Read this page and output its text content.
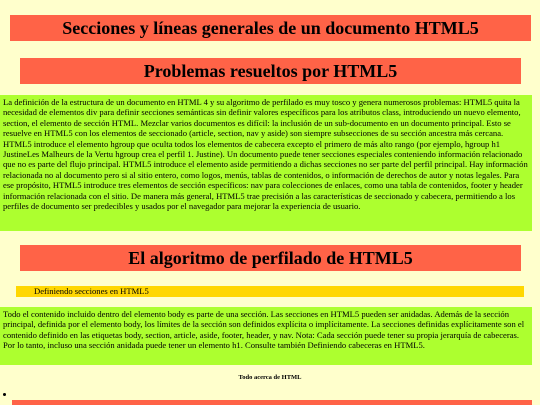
Secciones y líneas generales de un documento HTML5
Problemas resueltos por HTML5
La definición de la estructura de un documento en HTML 4 y su algoritmo de perfilado es muy tosco y genera numerosos problemas: HTML5 quita la necesidad de elementos div para definir secciones semánticas sin definir valores específicos para los atributos class, introduciendo un nuevo elemento, section, el elemento de sección HTML. Mezclar varios documentos es difícil: la inclusión de un sub-documento en un documento principal. Esto se resuelve en HTML5 con los elementos de seccionado (article, section, nav y aside) son siempre subsecciones de su sección ancestra más cercana. HTML5 introduce el elemento hgroup que oculta todos los elementos de cabecera excepto el primero de más alto rango (por ejemplo, hgroup h1 JustineLes Malheurs de la Vertu hgroup crea el perfil 1. Justine). Un documento puede tener secciones especiales conteniendo información relacionado que no es parte del flujo principal. HTML5 introduce el elemento aside permitiendo a dichas secciones no ser parte del perfil principal. Hay información relacionada no al documento pero si al sitio entero, como logos, menús, tablas de contenidos, o información de derechos de autor y notas legales. Para ese propósito, HTML5 introduce tres elementos de sección específicos: nav para colecciones de enlaces, como una tabla de contenidos, footer y header información relacionada con el sitio. De manera más general, HTML5 trae precisión a las características de seccionado y cabecera, permitiendo a los perfiles de documento ser predecibles y usados por el navegador para mejorar la experiencia de usuario.
El algoritmo de perfilado de HTML5
Definiendo secciones en HTML5
Todo el contenido incluido dentro del elemento body es parte de una sección. Las secciones en HTML5 pueden ser anidadas. Además de la sección principal, definida por el elemento body, los límites de la sección son definidos explícita o implícitamente. La secciones definidas explícitamente son el contenido definido en las etiquetas body, section, article, aside, footer, header, y nav. Nota: Cada sección puede tener su propia jerarquía de cabeceras. Por lo tanto, incluso una sección anidada puede tener un elemento h1. Consulte también Definiendo cabeceras en HTML5.
Todo acerca de HTML
